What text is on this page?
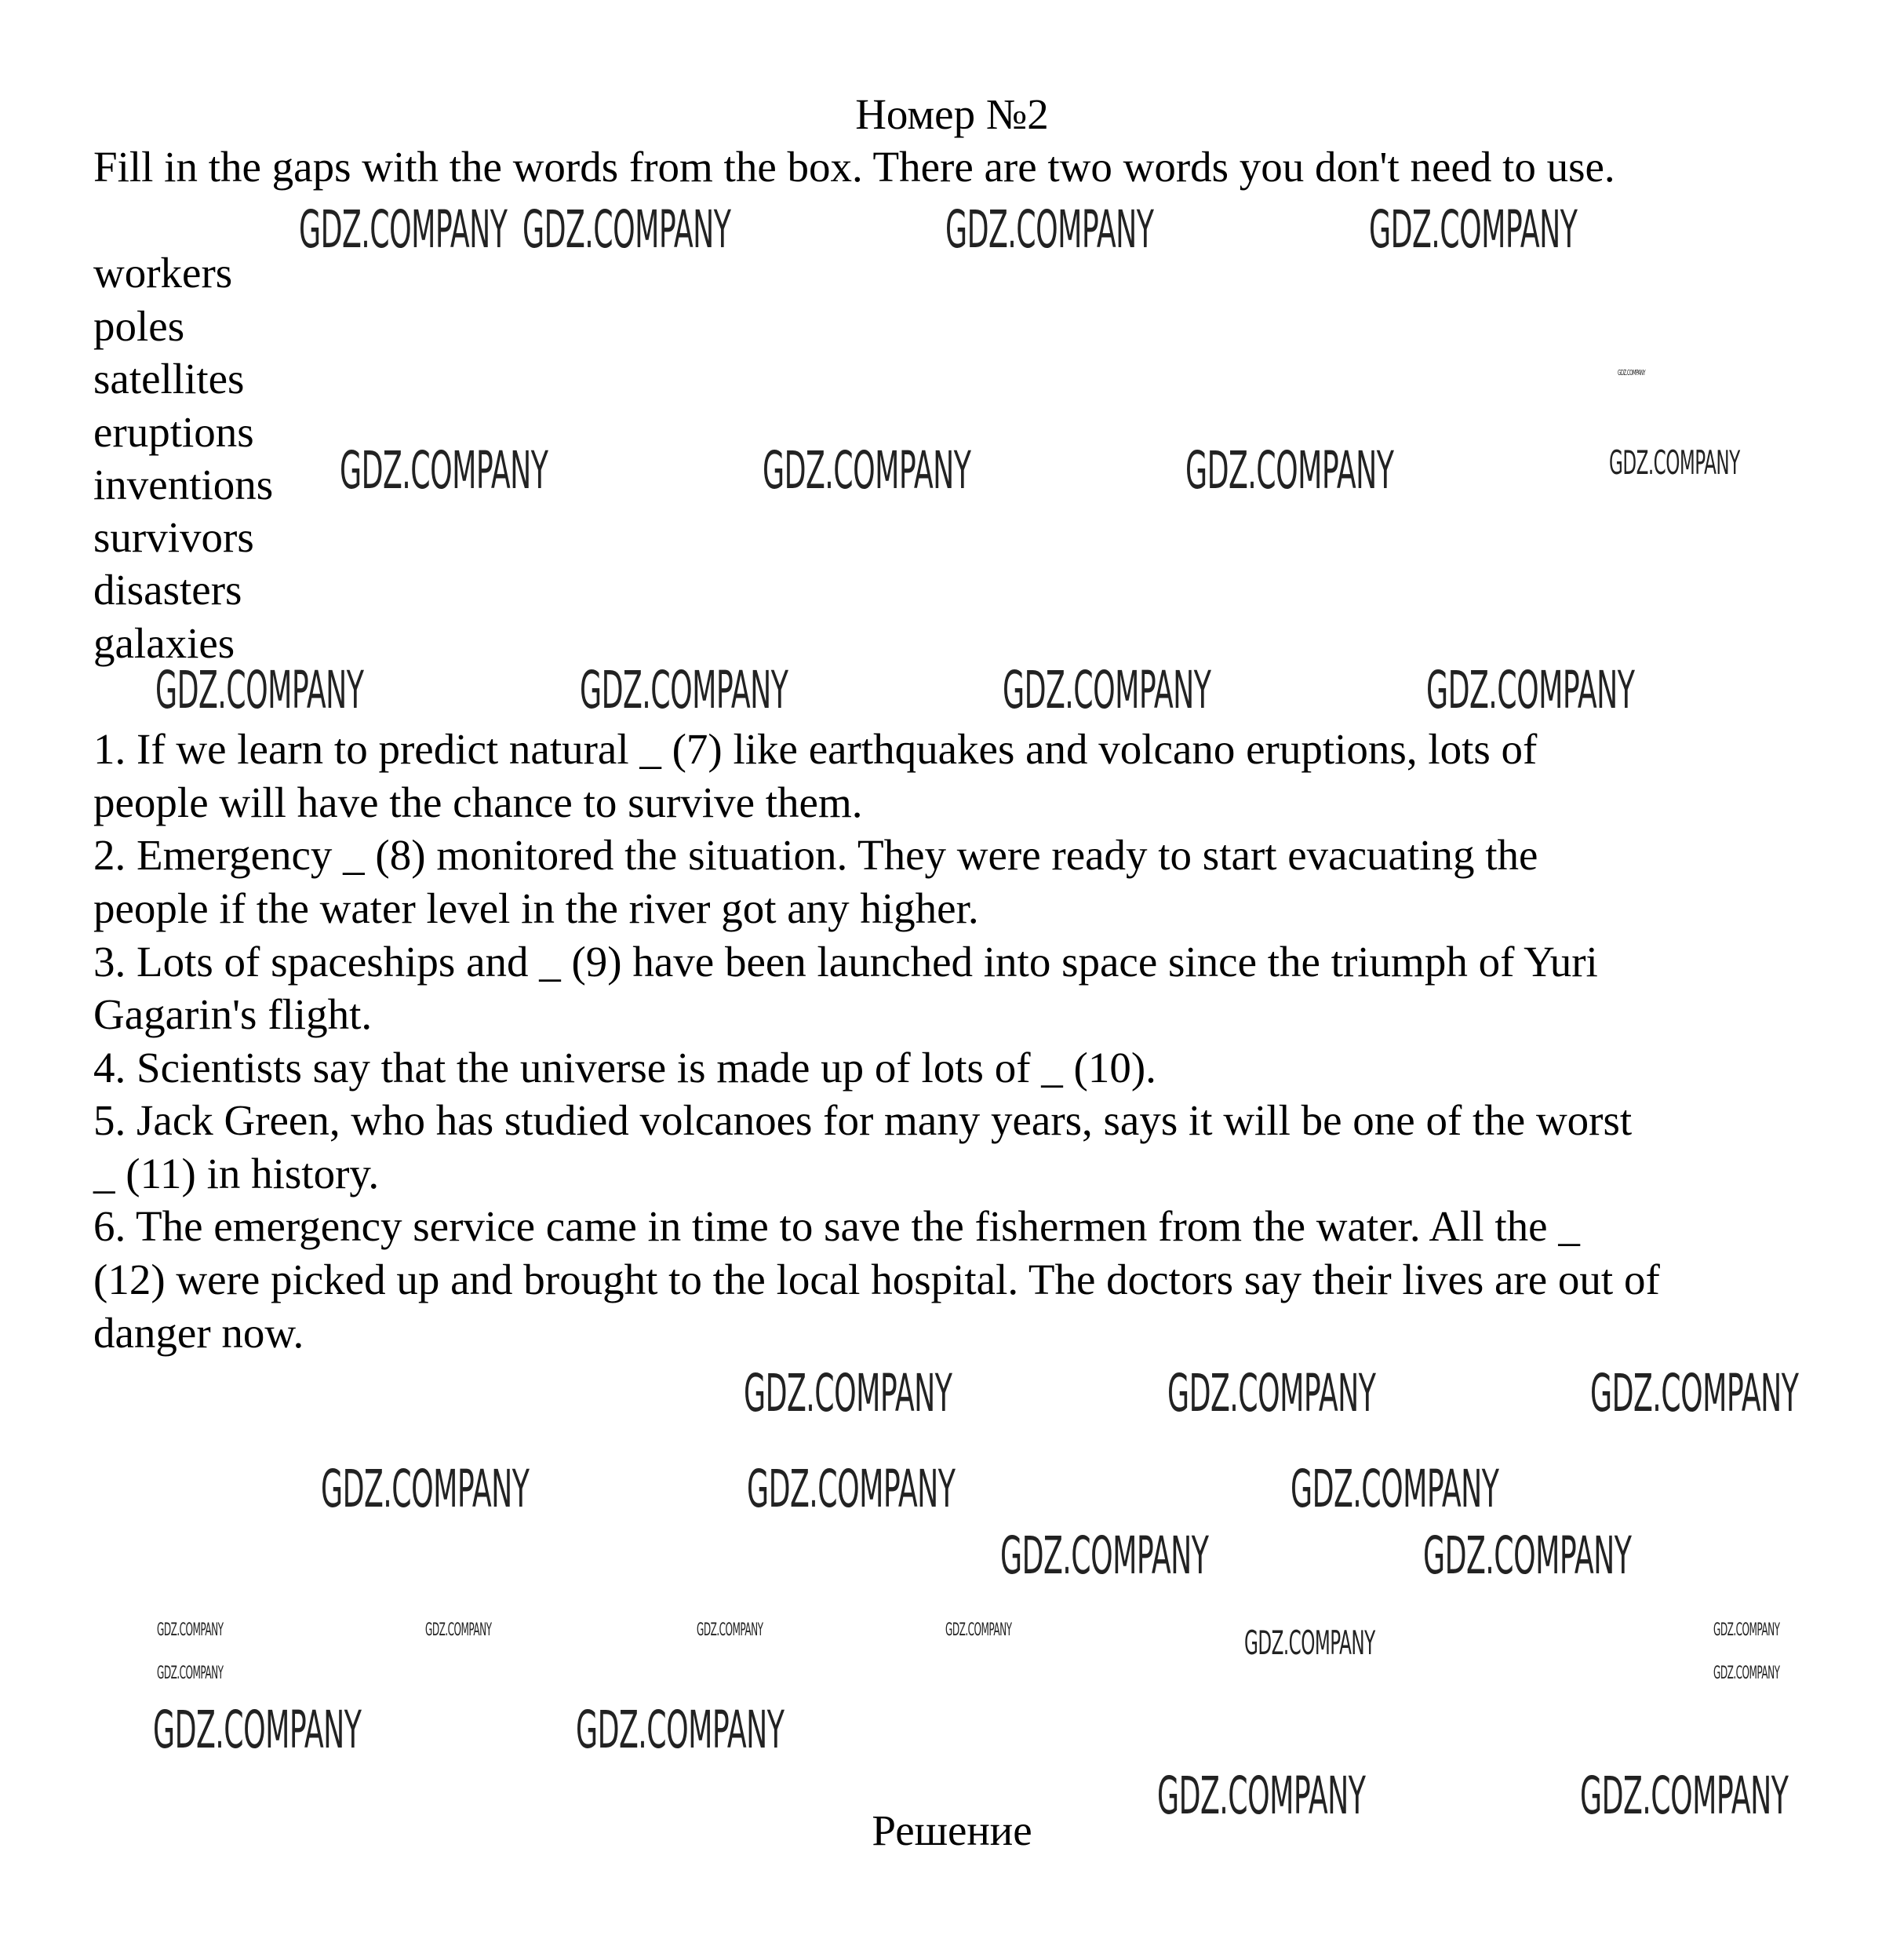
Номер №2
Fill in the gaps with the words from the box. There are two words you don't need to use.
workers
poles
satellites
eruptions
inventions
survivors
disasters
galaxies
1. If we learn to predict natural _ (7) like earthquakes and volcano eruptions, lots of
people will have the chance to survive them.
2. Emergency _ (8) monitored the situation. They were ready to start evacuating the
people if the water level in the river got any higher.
3. Lots of spaceships and _ (9) have been launched into space since the triumph of Yuri
Gagarin's flight.
4. Scientists say that the universe is made up of lots of _ (10).
5. Jack Green, who has studied volcanoes for many years, says it will be one of the worst
_ (11) in history.
6. The emergency service came in time to save the fishermen from the water. All the _
(12) were picked up and brought to the local hospital. The doctors say their lives are out of
danger now.
Решение
GDZ.COMPANY GDZ.COMPANY	GDZ.COMPANY	GDZ.COMPANY
GDZ.COMPANY	GDZ.COMPANY	GDZ.COMPANY	GDZ.COMPANY
GDZ.COMPANY
GDZ.COMPANY	GDZ.COMPANY	GDZ.COMPANY	GDZ.COMPANY
GDZ.COMPANY	GDZ.COMPANY	GDZ.COMPANY
GDZ.COMPANY	GDZ.COMPANY	GDZ.COMPANY
GDZ.COMPANY	GDZ.COMPANY
GDZ.COMPANY	GDZ.COMPANY	GDZ.COMPANY	GDZ.COMPANY
GDZ.COMPANY	GDZ.COMPANY
GDZ.COMPANY	GDZ.COMPANY
GDZ.COMPANY	GDZ.COMPANY
GDZ.COMPANY	GDZ.COMPANY
